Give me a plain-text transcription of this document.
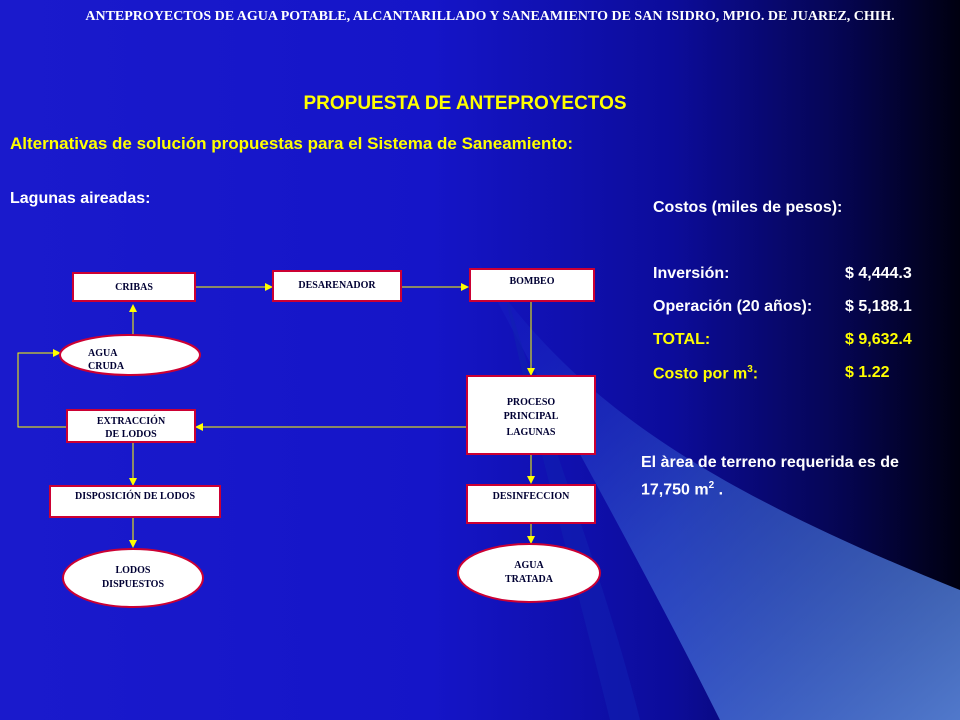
ANTEPROYECTOS DE AGUA POTABLE, ALCANTARILLADO Y SANEAMIENTO DE SAN ISIDRO, MPIO. DE JUAREZ, CHIH.
PROPUESTA DE ANTEPROYECTOS
Alternativas de solución propuestas para el Sistema de Saneamiento:
Lagunas aireadas:
CRIBAS	DESARENADOR	BOMBEO
AGUA
CRUDA
PROCESO
PRINCIPAL
LAGUNAS
EXTRACCIÓN
DE LODOS
DISPOSICIÓN DE LODOS	DESINFECCION
LODOS
DISPUESTOS
AGUA
TRATADA
Costos (miles de pesos):
Inversión:	$ 4,444.3
Operación (20 años): $ 5,188.1
TOTAL:	$ 9,632.4
Costo por $m^3$:	$ 1.22
El àrea de terreno requerida es de 17,750 $m^2$ .
